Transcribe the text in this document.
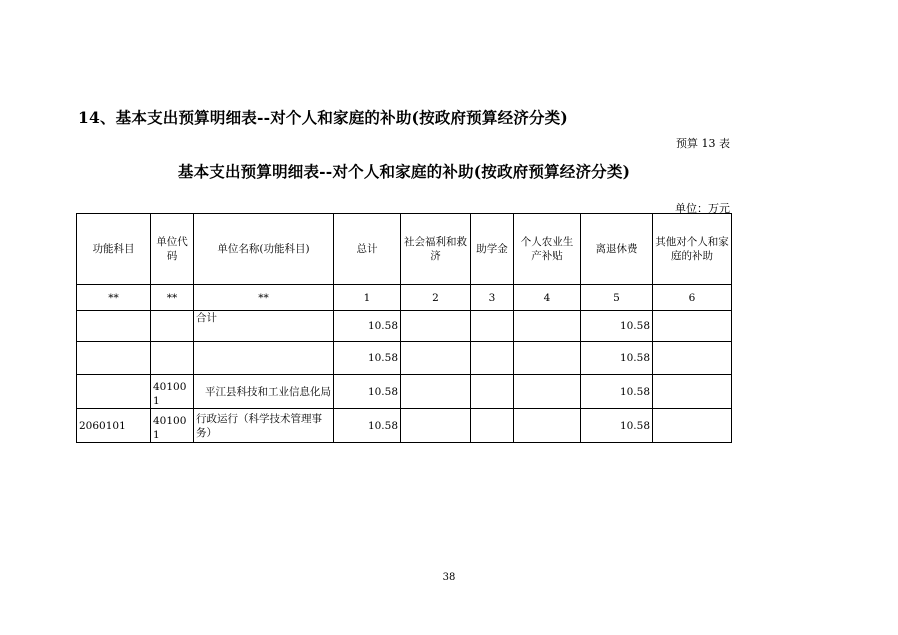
14、基本支出预算明细表--对个人和家庭的补助(按政府预算经济分类)
预算 13 表
基本支出预算明细表--对个人和家庭的补助(按政府预算经济分类)
单位：万元
功能科目	单位代码	单位名称(功能科目)	总计	社会福利和救济	助学金	个人农业生产补贴	离退休费	其他对个人和家庭的补助
**	**	**	1	2	3	4	5	6
		合计	10.58				10.58	
			10.58				10.58	
	401001	平江县科技和工业信息化局	10.58				10.58	
2060101	401001	行政运行（科学技术管理事务）	10.58				10.58	
38
